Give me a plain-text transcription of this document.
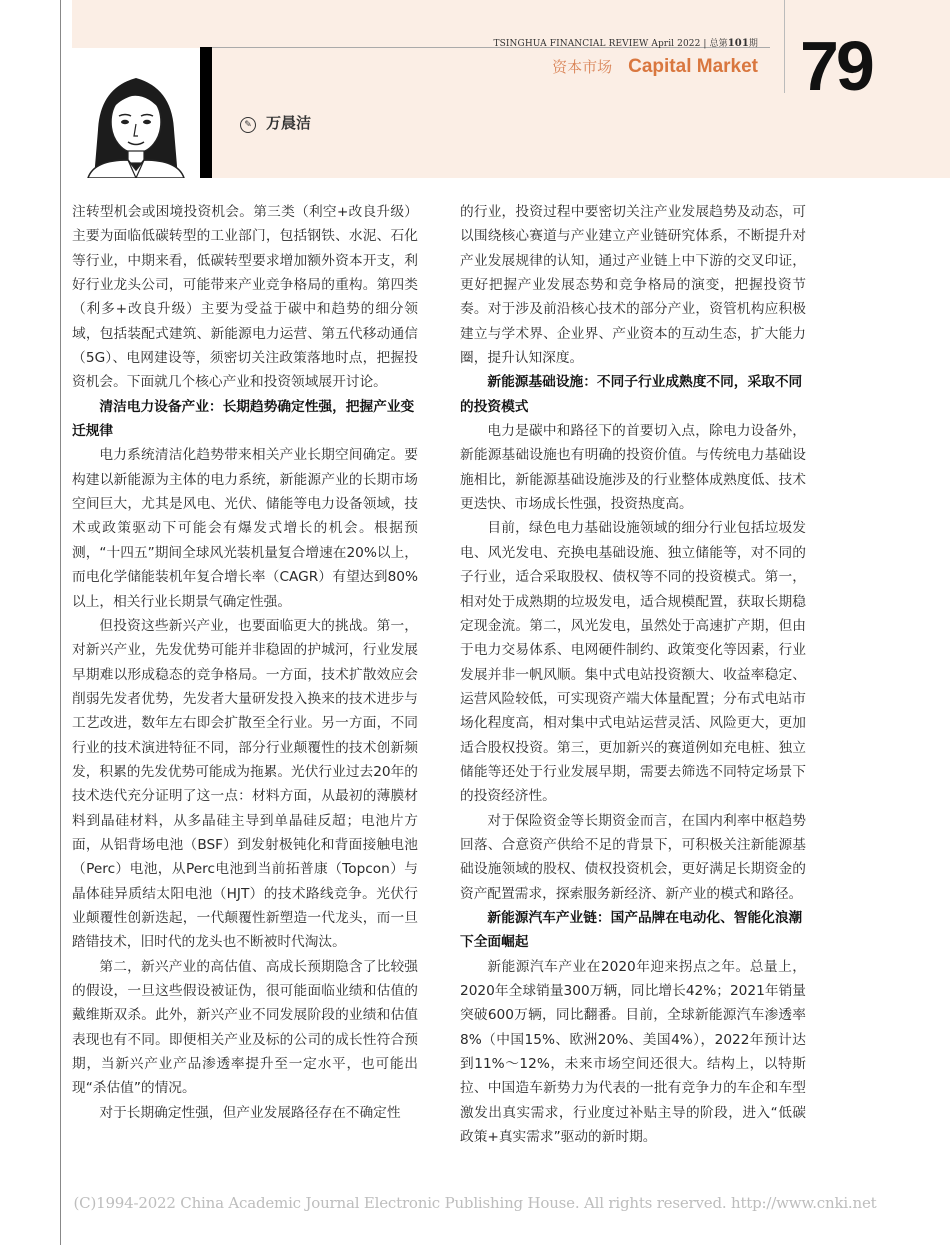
TSINGHUA FINANCIAL REVIEW April 2022 | 总第101期
资本市场 Capital Market 79
✎ 万晨洁

注转型机会或困境投资机会。第三类（利空+改良升级）主要为面临低碳转型的工业部门，包括钢铁、水泥、石化等行业，中期来看，低碳转型要求增加额外资本开支，利好行业龙头公司，可能带来产业竞争格局的重构。第四类（利多+改良升级）主要为受益于碳中和趋势的细分领域，包括装配式建筑、新能源电力运营、第五代移动通信（5G）、电网建设等，须密切关注政策落地时点，把握投资机会。下面就几个核心产业和投资领域展开讨论。

清洁电力设备产业：长期趋势确定性强，把握产业变迁规律

电力系统清洁化趋势带来相关产业长期空间确定。要构建以新能源为主体的电力系统，新能源产业的长期市场空间巨大，尤其是风电、光伏、储能等电力设备领域，技术或政策驱动下可能会有爆发式增长的机会。根据预测，“十四五”期间全球风光装机量复合增速在20%以上，而电化学储能装机年复合增长率（CAGR）有望达到80%以上，相关行业长期景气确定性强。

但投资这些新兴产业，也要面临更大的挑战。第一，对新兴产业，先发优势可能并非稳固的护城河，行业发展早期难以形成稳态的竞争格局。一方面，技术扩散效应会削弱先发者优势，先发者大量研发投入换来的技术进步与工艺改进，数年左右即会扩散至全行业。另一方面，不同行业的技术演进特征不同，部分行业颠覆性的技术创新频发，积累的先发优势可能成为拖累。光伏行业过去20年的技术迭代充分证明了这一点：材料方面，从最初的薄膜材料到晶硅材料，从多晶硅主导到单晶硅反超；电池片方面，从铝背场电池（BSF）到发射极钝化和背面接触电池（Perc）电池，从Perc电池到当前拓普康（Topcon）与晶体硅异质结太阳电池（HJT）的技术路线竞争。光伏行业颠覆性创新迭起，一代颠覆性新塑造一代龙头，而一旦踏错技术，旧时代的龙头也不断被时代淘汰。

第二，新兴产业的高估值、高成长预期隐含了比较强的假设，一旦这些假设被证伪，很可能面临业绩和估值的戴维斯双杀。此外，新兴产业不同发展阶段的业绩和估值表现也有不同。即便相关产业及标的公司的成长性符合预期，当新兴产业产品渗透率提升至一定水平，也可能出现“杀估值”的情况。

对于长期确定性强，但产业发展路径存在不确定性

的行业，投资过程中要密切关注产业发展趋势及动态，可以围绕核心赛道与产业建立产业链研究体系，不断提升对产业发展规律的认知，通过产业链上中下游的交叉印证，更好把握产业发展态势和竞争格局的演变，把握投资节奏。对于涉及前沿核心技术的部分产业，资管机构应积极建立与学术界、企业界、产业资本的互动生态，扩大能力圈，提升认知深度。

新能源基础设施：不同子行业成熟度不同，采取不同的投资模式

电力是碳中和路径下的首要切入点，除电力设备外，新能源基础设施也有明确的投资价值。与传统电力基础设施相比，新能源基础设施涉及的行业整体成熟度低、技术更迭快、市场成长性强，投资热度高。

目前，绿色电力基础设施领域的细分行业包括垃圾发电、风光发电、充换电基础设施、独立储能等，对不同的子行业，适合采取股权、债权等不同的投资模式。第一，相对处于成熟期的垃圾发电，适合规模配置，获取长期稳定现金流。第二，风光发电，虽然处于高速扩产期，但由于电力交易体系、电网硬件制约、政策变化等因素，行业发展并非一帆风顺。集中式电站投资额大、收益率稳定、运营风险较低，可实现资产端大体量配置；分布式电站市场化程度高，相对集中式电站运营灵活、风险更大，更加适合股权投资。第三，更加新兴的赛道例如充电桩、独立储能等还处于行业发展早期，需要去筛选不同特定场景下的投资经济性。

对于保险资金等长期资金而言，在国内利率中枢趋势回落、合意资产供给不足的背景下，可积极关注新能源基础设施领域的股权、债权投资机会，更好满足长期资金的资产配置需求，探索服务新经济、新产业的模式和路径。

新能源汽车产业链：国产品牌在电动化、智能化浪潮下全面崛起

新能源汽车产业在2020年迎来拐点之年。总量上，2020年全球销量300万辆，同比增长42%；2021年销量突破600万辆，同比翻番。目前，全球新能源汽车渗透率8%（中国15%、欧洲20%、美国4%），2022年预计达到11%～12%，未来市场空间还很大。结构上，以特斯拉、中国造车新势力为代表的一批有竞争力的车企和车型激发出真实需求，行业度过补贴主导的阶段，进入“低碳政策+真实需求”驱动的新时期。

(C)1994-2022 China Academic Journal Electronic Publishing House. All rights reserved. http://www.cnki.net
